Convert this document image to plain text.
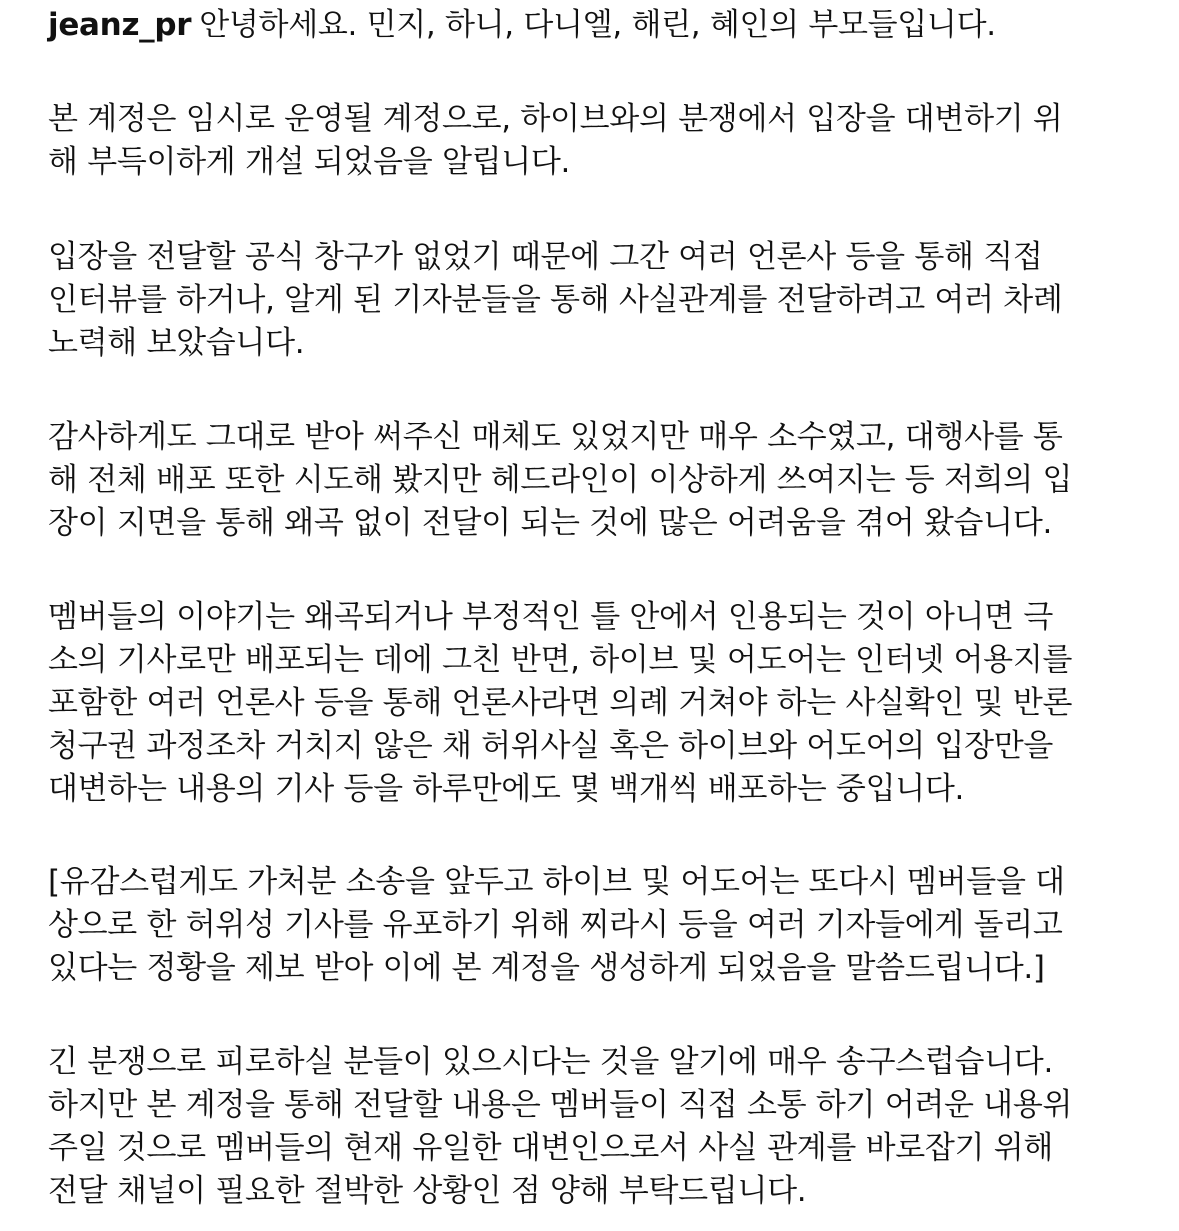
jeanz_pr 안녕하세요. 민지, 하니, 다니엘, 해린, 혜인의 부모들입니다.

본 계정은 임시로 운영될 계정으로, 하이브와의 분쟁에서 입장을 대변하기 위
해 부득이하게 개설 되었음을 알립니다.

입장을 전달할 공식 창구가 없었기 때문에 그간 여러 언론사 등을 통해 직접
인터뷰를 하거나, 알게 된 기자분들을 통해 사실관계를 전달하려고 여러 차례
노력해 보았습니다.

감사하게도 그대로 받아 써주신 매체도 있었지만 매우 소수였고, 대행사를 통
해 전체 배포 또한 시도해 봤지만 헤드라인이 이상하게 쓰여지는 등 저희의 입
장이 지면을 통해 왜곡 없이 전달이 되는 것에 많은 어려움을 겪어 왔습니다.

멤버들의 이야기는 왜곡되거나 부정적인 틀 안에서 인용되는 것이 아니면 극
소의 기사로만 배포되는 데에 그친 반면, 하이브 및 어도어는 인터넷 어용지를
포함한 여러 언론사 등을 통해 언론사라면 의례 거쳐야 하는 사실확인 및 반론
청구권 과정조차 거치지 않은 채 허위사실 혹은 하이브와 어도어의 입장만을
대변하는 내용의 기사 등을 하루만에도 몇 백개씩 배포하는 중입니다.

[유감스럽게도 가처분 소송을 앞두고 하이브 및 어도어는 또다시 멤버들을 대
상으로 한 허위성 기사를 유포하기 위해 찌라시 등을 여러 기자들에게 돌리고
있다는 정황을 제보 받아 이에 본 계정을 생성하게 되었음을 말씀드립니다.]

긴 분쟁으로 피로하실 분들이 있으시다는 것을 알기에 매우 송구스럽습니다.
하지만 본 계정을 통해 전달할 내용은 멤버들이 직접 소통 하기 어려운 내용위
주일 것으로 멤버들의 현재 유일한 대변인으로서 사실 관계를 바로잡기 위해
전달 채널이 필요한 절박한 상황인 점 양해 부탁드립니다.
